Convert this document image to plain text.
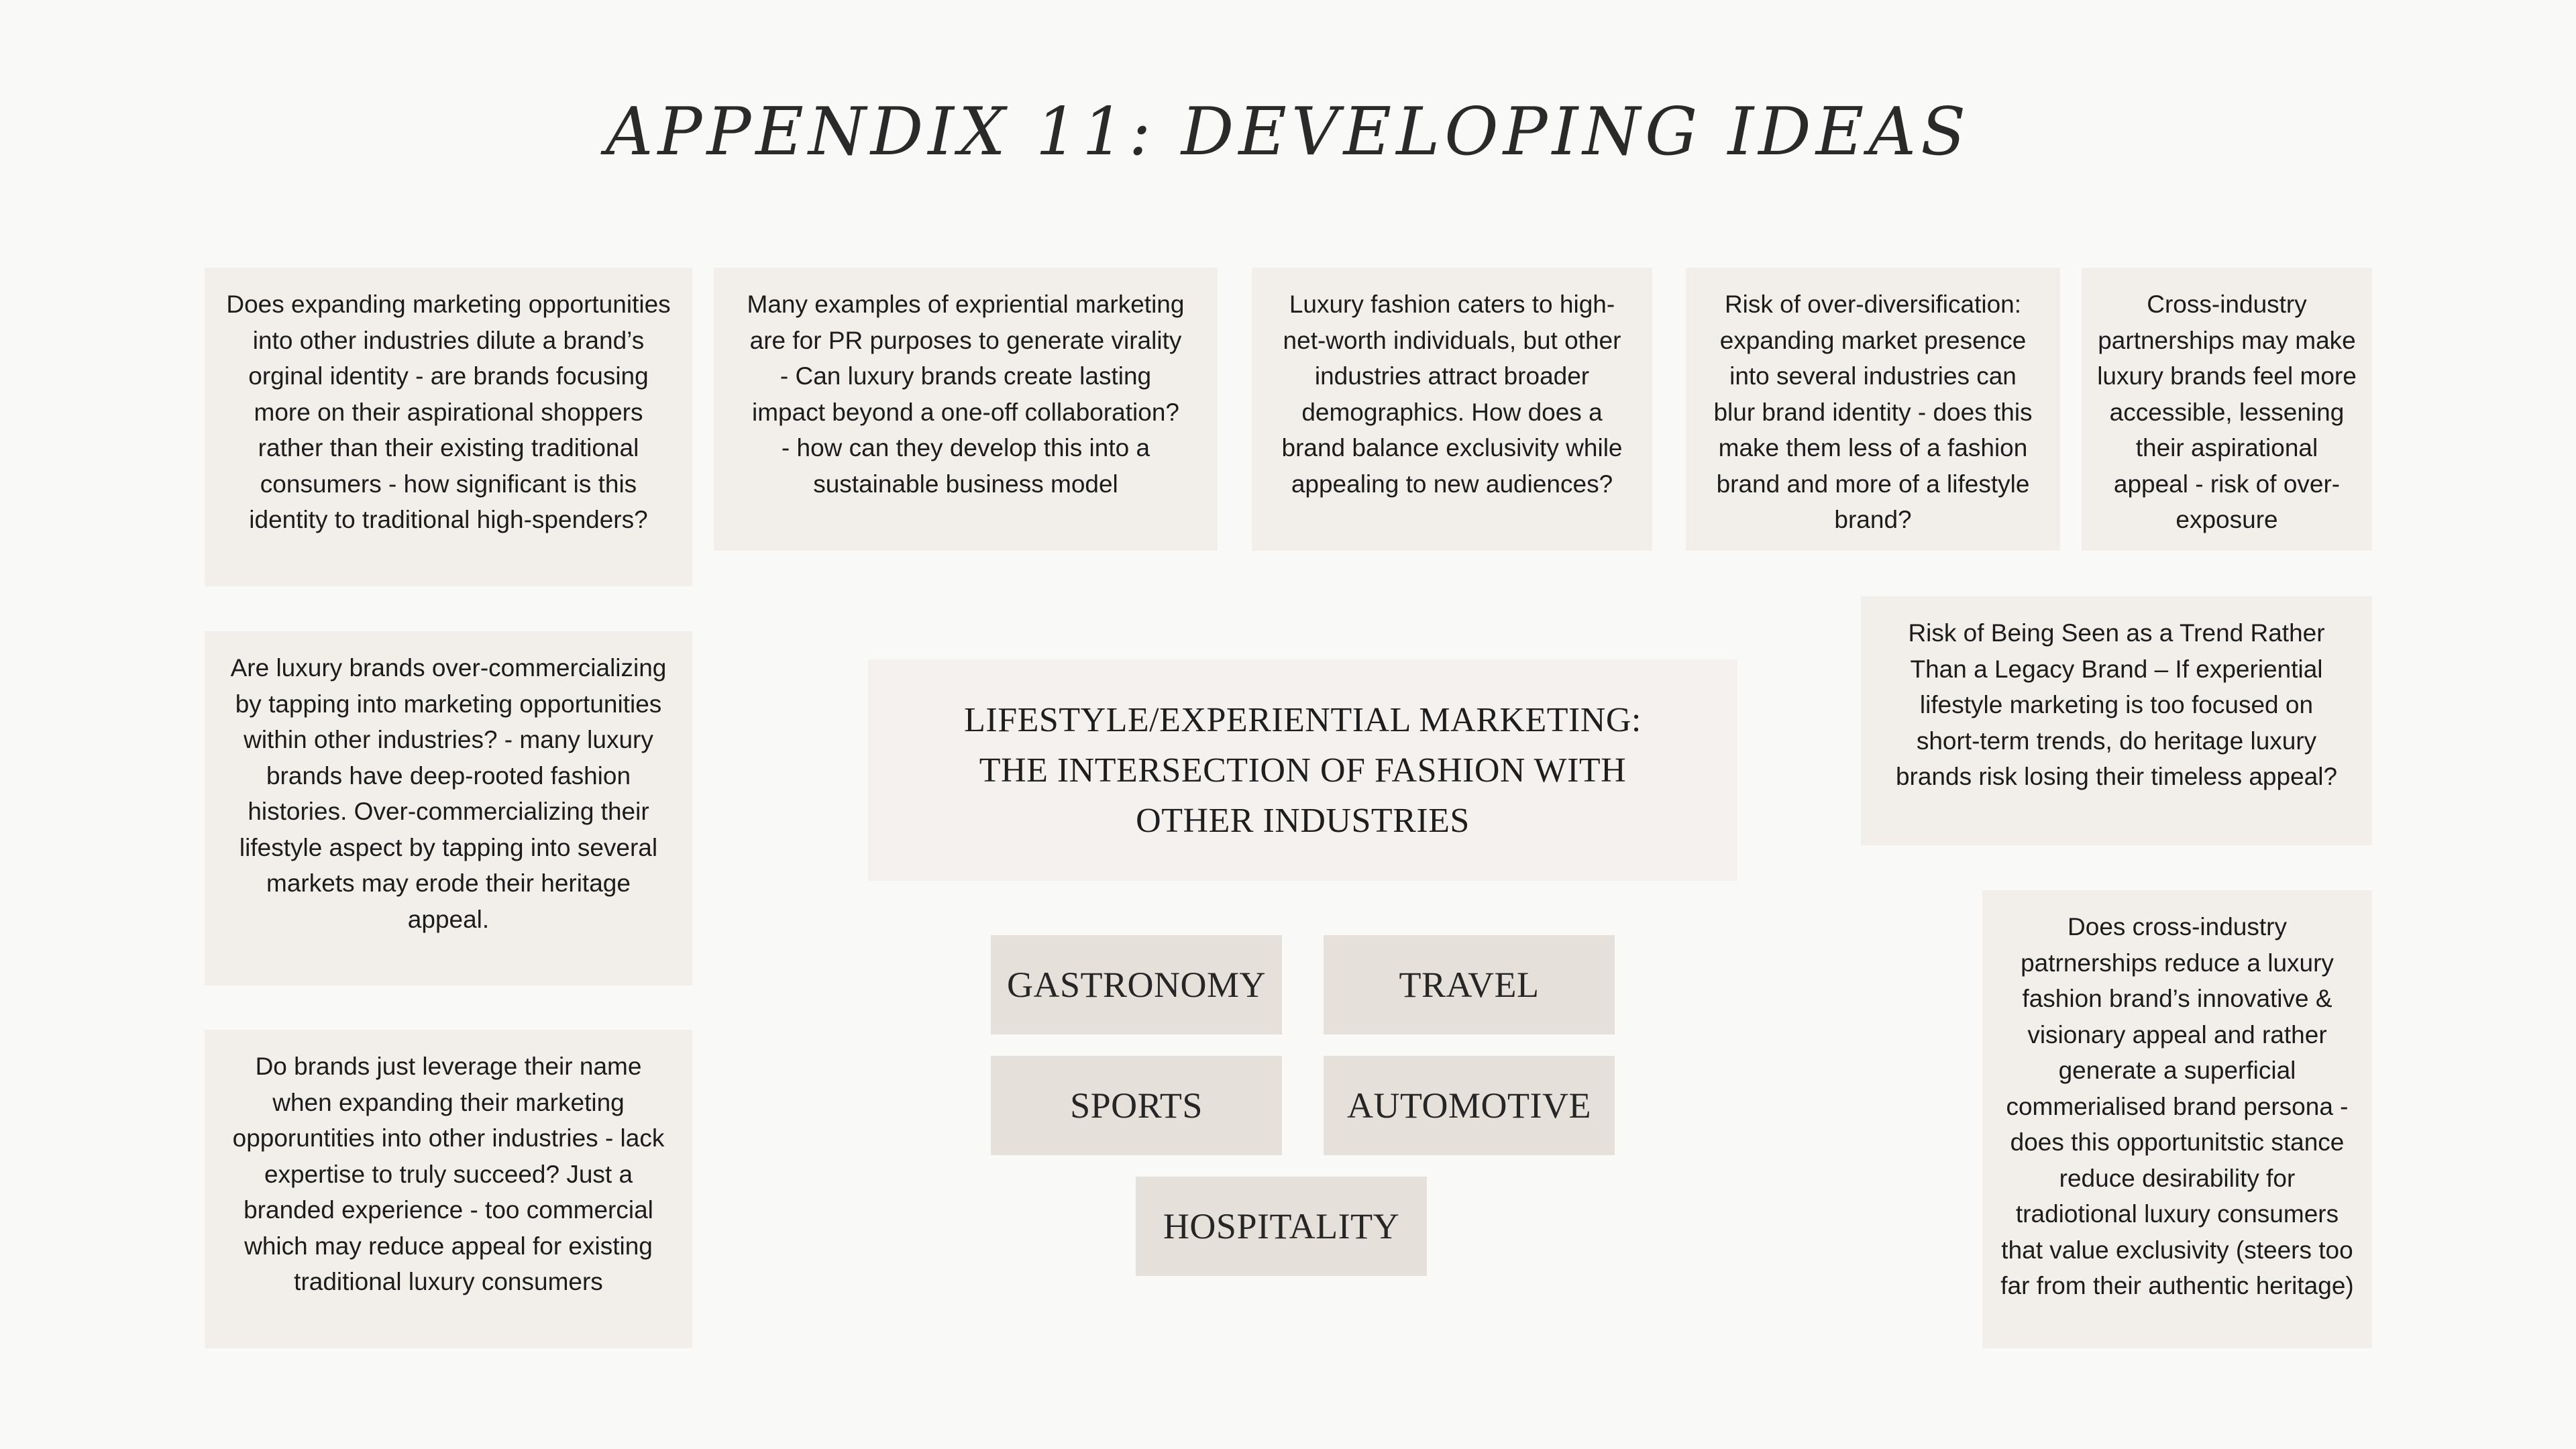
APPENDIX 11: DEVELOPING IDEAS
Does expanding marketing opportunities into other industries dilute a brand’s orginal identity - are brands focusing more on their aspirational shoppers rather than their existing traditional consumers - how significant is this identity to traditional high-spenders?
Many examples of expriential marketing are for PR purposes to generate virality - Can luxury brands create lasting impact beyond a one-off collaboration? - how can they develop this into a sustainable business model
Luxury fashion caters to high-net-worth individuals, but other industries attract broader demographics. How does a brand balance exclusivity while appealing to new audiences?
Risk of over-diversification: expanding market presence into several industries can blur brand identity - does this make them less of a fashion brand and more of a lifestyle brand?
Cross-industry partnerships may make luxury brands feel more accessible, lessening their aspirational appeal - risk of over-exposure
Are luxury brands over-commercializing by tapping into marketing opportunities within other industries? - many luxury brands have deep-rooted fashion histories. Over-commercializing their lifestyle aspect by tapping into several markets may erode their heritage appeal.
Do brands just leverage their name when expanding their marketing opporuntities into other industries - lack expertise to truly succeed? Just a branded experience - too commercial which may reduce appeal for existing traditional luxury consumers
Risk of Being Seen as a Trend Rather Than a Legacy Brand – If experiential lifestyle marketing is too focused on short-term trends, do heritage luxury brands risk losing their timeless appeal?
Does cross-industry patrnerships reduce a luxury fashion brand’s innovative & visionary appeal and rather generate a superficial commerialised brand persona - does this opportunitstic stance reduce desirability for tradiotional luxury consumers that value exclusivity (steers too far from their authentic heritage)
LIFESTYLE/EXPERIENTIAL MARKETING: THE INTERSECTION OF FASHION WITH OTHER INDUSTRIES
GASTRONOMY	TRAVEL
SPORTS	AUTOMOTIVE
HOSPITALITY
